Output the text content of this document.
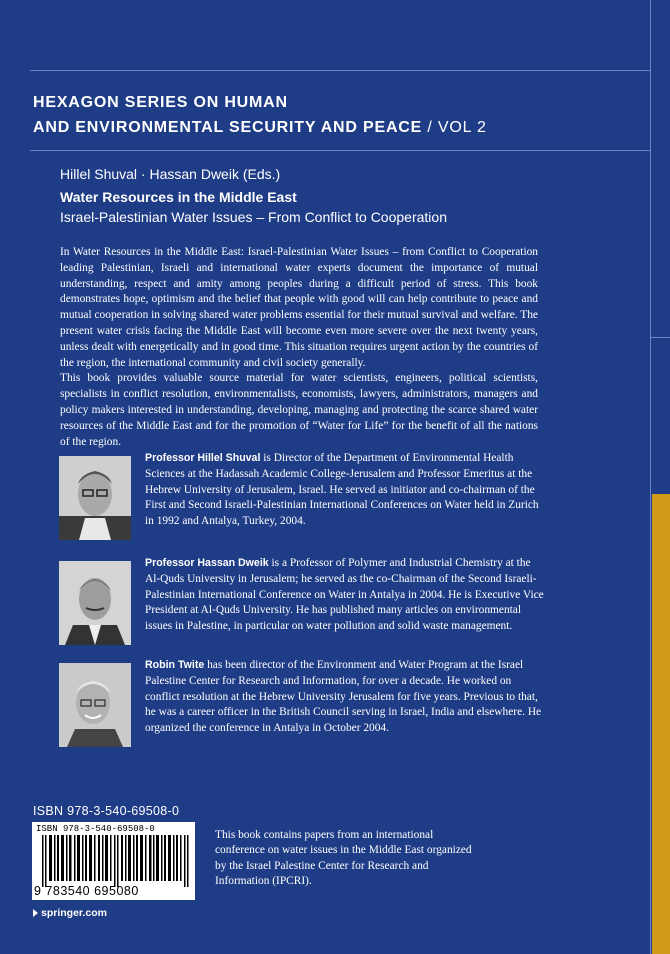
HEXAGON SERIES ON HUMAN
AND ENVIRONMENTAL SECURITY AND PEACE / VOL 2
Hillel Shuval · Hassan Dweik (Eds.)
Water Resources in the Middle East
Israel-Palestinian Water Issues – From Conflict to Cooperation

In Water Resources in the Middle East: Israel-Palestinian Water Issues – from Conflict to Cooperation leading Palestinian, Israeli and international water experts document the importance of mutual understanding, respect and amity among peoples during a difficult period of stress. This book demonstrates hope, optimism and the belief that people with good will can help contribute to peace and mutual cooperation in solving shared water problems essential for their mutual survival and welfare. The present water crisis facing the Middle East will become even more severe over the next twenty years, unless dealt with energetically and in good time. This situation requires urgent action by the countries of the region, the international community and civil society generally.

This book provides valuable source material for water scientists, engineers, political scientists, specialists in conflict resolution, environmentalists, economists, lawyers, administrators, managers and policy makers interested in understanding, developing, managing and protecting the scarce shared water resources of the Middle East and for the promotion of “Water for Life” for the benefit of all the nations of the region.

Professor Hillel Shuval is Director of the Department of Environmental Health Sciences at the Hadassah Academic College-Jerusalem and Professor Emeritus at the Hebrew University of Jerusalem, Israel. He served as initiator and co-chairman of the First and Second Israeli-Palestinian International Conferences on Water held in Zurich in 1992 and Antalya, Turkey, 2004.
Professor Hassan Dweik is a Professor of Polymer and Industrial Chemistry at the Al-Quds University in Jerusalem; he served as the co-Chairman of the Second Israeli-Palestinian International Conference on Water in Antalya in 2004. He is Executive Vice President at Al-Quds University. He has published many articles on environmental issues in Palestine, in particular on water pollution and solid waste management.
Robin Twite has been director of the Environment and Water Program at the Israel Palestine Center for Research and Information, for over a decade. He worked on conflict resolution at the Hebrew University Jerusalem for five years. Previous to that, he was a career officer in the British Council serving in Israel, India and elsewhere. He organized the conference in Antalya in October 2004.
ISBN 978-3-540-69508-0
ISBN 978-3-540-69508-0
9 783540 695080
This book contains papers from an international conference on water issues in the Middle East organized by the Israel Palestine Center for Research and Information (IPCRI).
springer.com
